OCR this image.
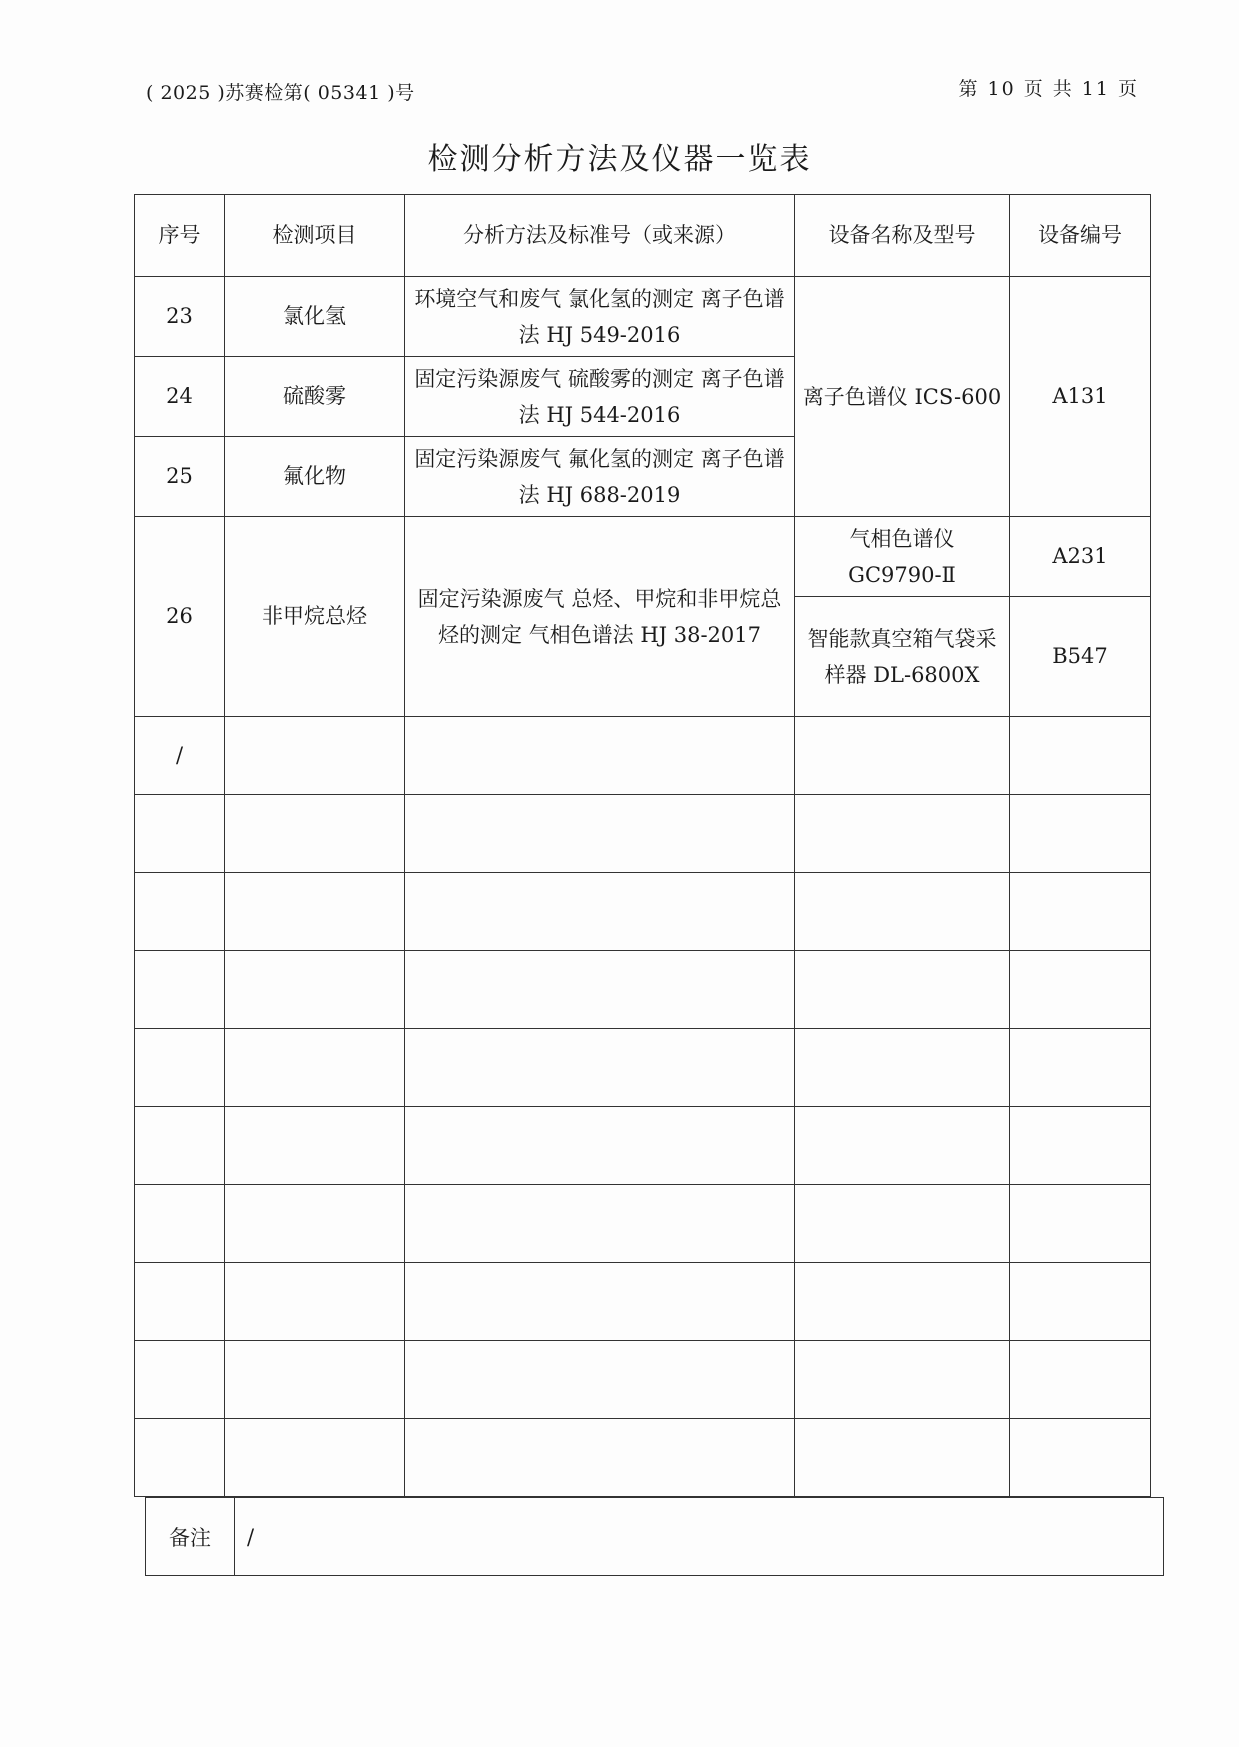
( 2025 )苏赛检第( 05341 )号	第 10 页 共 11 页
检测分析方法及仪器一览表
序号	检测项目	分析方法及标准号（或来源）	设备名称及型号	设备编号
23	氯化氢	环境空气和废气 氯化氢的测定 离子色谱法 HJ 549-2016	离子色谱仪 ICS-600	A131
24	硫酸雾	固定污染源废气 硫酸雾的测定 离子色谱法 HJ 544-2016		
25	氟化物	固定污染源废气 氟化氢的测定 离子色谱法 HJ 688-2019		
26	非甲烷总烃	固定污染源废气 总烃、甲烷和非甲烷总烃的测定 气相色谱法 HJ 38-2017	气相色谱仪 GC9790-Ⅱ	A231
			智能款真空箱气袋采样器 DL-6800X	B547
/				

备注	/
